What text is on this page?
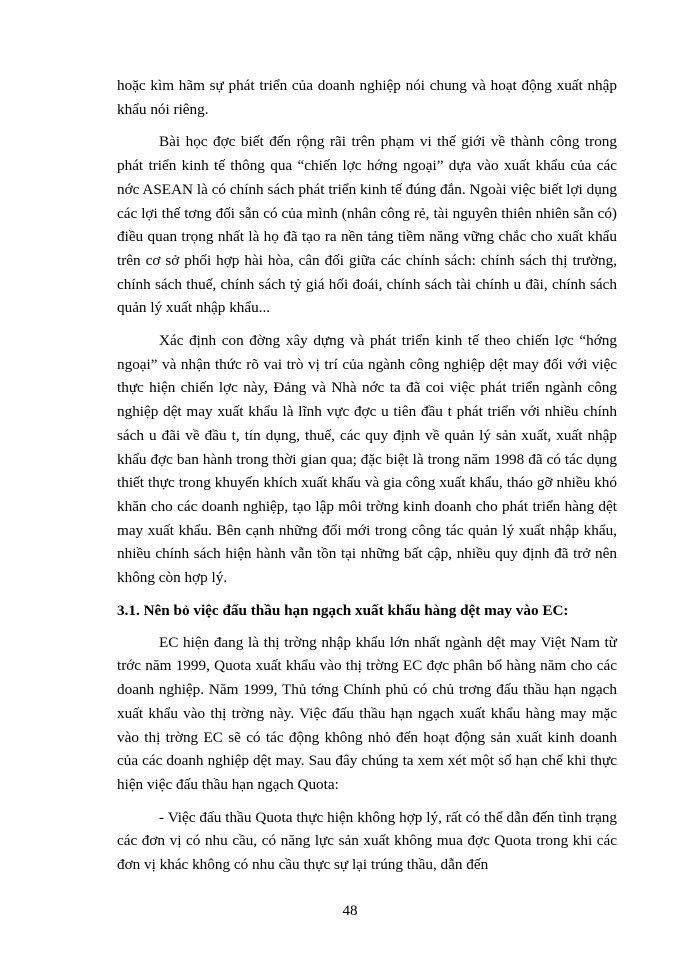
hoặc kìm hãm sự phát triển của doanh nghiệp nói chung và hoạt động xuất nhập khẩu nói riêng.

Bài học đợc biết đến rộng rãi trên phạm vi thế giới về thành công trong phát triển kinh tế thông qua “chiến lợc hớng ngoại” dựa vào xuất khẩu của các nớc ASEAN là có chính sách phát triển kinh tế đúng đắn. Ngoài việc biết lợi dụng các lợi thế tơng đối sẵn có của mình (nhân công rẻ, tài nguyên thiên nhiên sẵn có) điều quan trọng nhất là họ đã tạo ra nền tảng tiềm năng vững chắc cho xuất khẩu trên cơ sở phối hợp hài hòa, cân đối giữa các chính sách: chính sách thị trường, chính sách thuế, chính sách tỷ giá hối đoái, chính sách tài chính u đãi, chính sách quản lý xuất nhập khẩu...

Xác định con đờng xây dựng và phát triển kinh tế theo chiến lợc “hớng ngoại” và nhận thức rõ vai trò vị trí của ngành công nghiệp dệt may đối với việc thực hiện chiến lợc này, Đảng và Nhà nớc ta đã coi việc phát triển ngành công nghiệp dệt may xuất khẩu là lĩnh vực đợc u tiên đầu t phát triển với nhiều chính sách u đãi về đầu t, tín dụng, thuế, các quy định về quản lý sản xuất, xuất nhập khẩu đợc ban hành trong thời gian qua; đặc biệt là trong năm 1998 đã có tác dụng thiết thực trong khuyến khích xuất khẩu và gia công xuất khẩu, tháo gỡ nhiều khó khăn cho các doanh nghiệp, tạo lập môi trờng kinh doanh cho phát triển hàng dệt may xuất khẩu. Bên cạnh những đổi mới trong công tác quản lý xuất nhập khẩu, nhiều chính sách hiện hành vẫn tồn tại những bất cập, nhiều quy định đã trở nên không còn hợp lý.

3.1. Nên bỏ việc đấu thầu hạn ngạch xuất khẩu hàng dệt may vào EC:

EC hiện đang là thị trờng nhập khẩu lớn nhất ngành dệt may Việt Nam từ trớc năm 1999, Quota xuất khẩu vào thị trờng EC đợc phân bổ hàng năm cho các doanh nghiệp. Năm 1999, Thủ tớng Chính phủ có chủ trơng đấu thầu hạn ngạch xuất khẩu vào thị trờng này. Việc đấu thầu hạn ngạch xuất khẩu hàng may mặc vào thị trờng EC sẽ có tác động không nhỏ đến hoạt động sản xuất kinh doanh của các doanh nghiệp dệt may. Sau đây chúng ta xem xét một số hạn chế khi thực hiện việc đấu thầu hạn ngạch Quota:

- Việc đấu thầu Quota thực hiện không hợp lý, rất có thể dẫn đến tình trạng các đơn vị có nhu cầu, có năng lực sản xuất không mua đợc Quota trong khi các đơn vị khác không có nhu cầu thực sự lại trúng thầu, dẫn đến

48
